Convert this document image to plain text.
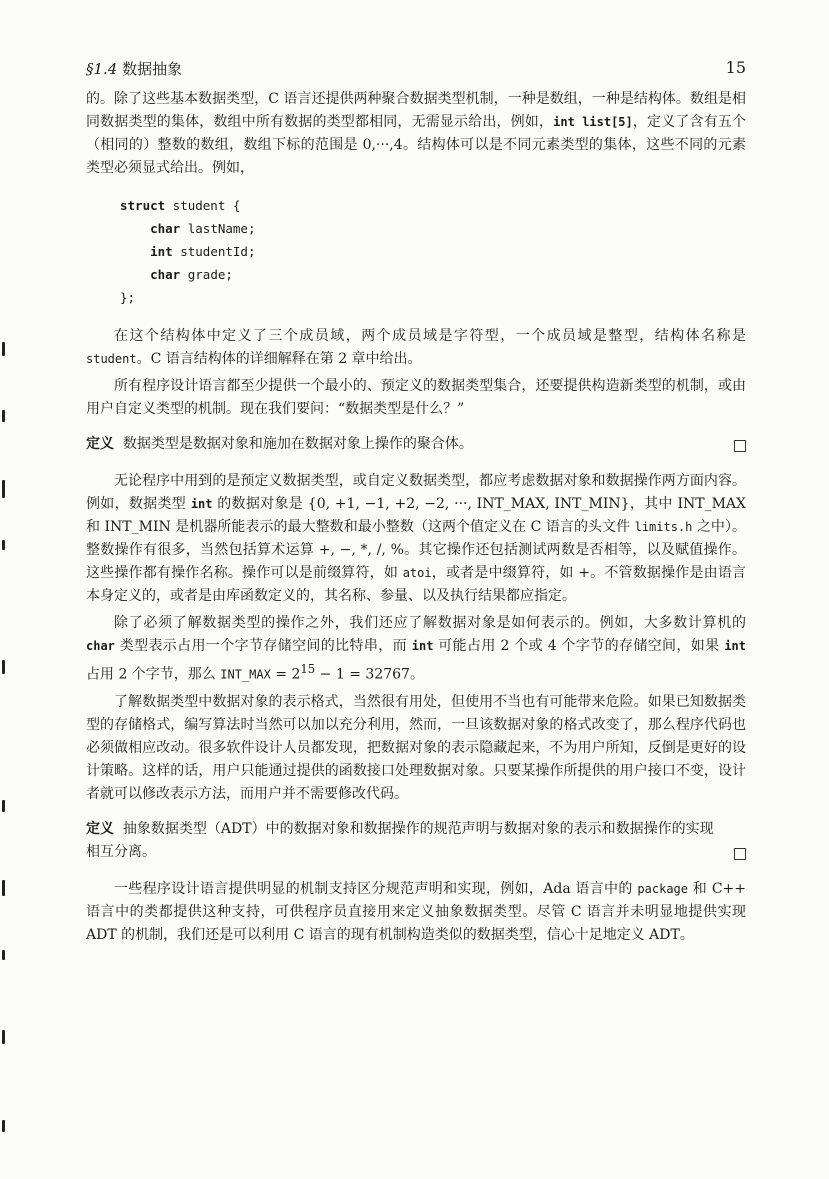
§1.4 数据抽象	15

的。除了这些基本数据类型，C 语言还提供两种聚合数据类型机制，一种是数组，一种是结构体。数组是相同数据类型的集体，数组中所有数据的类型都相同，无需显示给出，例如，int list[5]，定义了含有五个（相同的）整数的数组，数组下标的范围是 0,···,4。结构体可以是不同元素类型的集体，这些不同的元素类型必须显式给出。例如，

struct student {
char lastName;
int studentId;
char grade;
};

在这个结构体中定义了三个成员域，两个成员域是字符型，一个成员域是整型，结构体名称是 student。C 语言结构体的详细解释在第 2 章中给出。

所有程序设计语言都至少提供一个最小的、预定义的数据类型集合，还要提供构造新类型的机制，或由用户自定义类型的机制。现在我们要问：“数据类型是什么？”

定义 数据类型是数据对象和施加在数据对象上操作的聚合体。

无论程序中用到的是预定义数据类型，或自定义数据类型，都应考虑数据对象和数据操作两方面内容。例如，数据类型 int 的数据对象是 {0, +1, −1, +2, −2, ···, INT_MAX, INT_MIN}，其中 INT_MAX 和 INT_MIN 是机器所能表示的最大整数和最小整数（这两个值定义在 C 语言的头文件 limits.h 之中）。整数操作有很多，当然包括算术运算 +, −, *, /, %。其它操作还包括测试两数是否相等，以及赋值操作。这些操作都有操作名称。操作可以是前缀算符，如 atoi，或者是中缀算符，如 +。不管数据操作是由语言本身定义的，或者是由库函数定义的，其名称、参量、以及执行结果都应指定。

除了必须了解数据类型的操作之外，我们还应了解数据对象是如何表示的。例如，大多数计算机的 char 类型表示占用一个字节存储空间的比特串，而 int 可能占用 2 个或 4 个字节的存储空间，如果 int 占用 2 个字节，那么 INT_MAX = $2^{15} - 1 = 32767$。

了解数据类型中数据对象的表示格式，当然很有用处，但使用不当也有可能带来危险。如果已知数据类型的存储格式，编写算法时当然可以加以充分利用，然而，一旦该数据对象的格式改变了，那么程序代码也必须做相应改动。很多软件设计人员都发现，把数据对象的表示隐藏起来，不为用户所知，反倒是更好的设计策略。这样的话，用户只能通过提供的函数接口处理数据对象。只要某操作所提供的用户接口不变，设计者就可以修改表示方法，而用户并不需要修改代码。

定义 抽象数据类型（ADT）中的数据对象和数据操作的规范声明与数据对象的表示和数据操作的实现相互分离。

一些程序设计语言提供明显的机制支持区分规范声明和实现，例如，Ada 语言中的 package 和 C++ 语言中的类都提供这种支持，可供程序员直接用来定义抽象数据类型。尽管 C 语言并未明显地提供实现 ADT 的机制，我们还是可以利用 C 语言的现有机制构造类似的数据类型，信心十足地定义 ADT。
